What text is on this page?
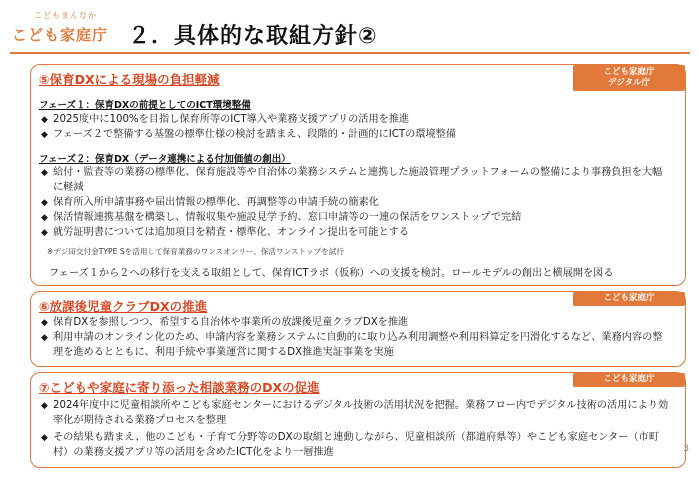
こどもまんなか
こども家庭庁 ２．具体的な取組方針②
⑤保育DXによる現場の負担軽減	こども家庭庁
デジタル庁
フェーズ１：保育DXの前提としてのICT環境整備
◆ 2025度中に100%を目指し保育所等のICT導入や業務支援アプリの活用を推進
◆ フェーズ２で整備する基盤の標準仕様の検討を踏まえ、段階的・計画的にICTの環境整備
フェーズ２：保育DX（データ連携による付加価値の創出）
◆ 給付・監査等の業務の標準化、保育施設等や自治体の業務システムと連携した施設管理プラットフォームの整備により事務負担を大幅に軽減
◆ 保育所入所申請事務や届出情報の標準化、再調整等の申請手続の簡素化
◆ 保活情報連携基盤を構築し、情報収集や施設見学予約、窓口申請等の一連の保活をワンストップで完結
◆ 就労証明書については追加項目を精査・標準化、オンライン提出を可能とする
※デジ田交付金TYPE Sを活用して保育業務のワンスオンリー、保活ワンストップを試行
フェーズ１から２への移行を支える取組として、保育ICTラボ（仮称）への支援を検討。ロールモデルの創出と横展開を図る
⑥放課後児童クラブDXの推進
こども家庭庁
◆ 保育DXを参照しつつ、希望する自治体や事業所の放課後児童クラブDXを推進
◆ 利用申請のオンライン化のため、申請内容を業務システムに自動的に取り込み利用調整や利用料算定を円滑化するなど、業務内容の整理を進めるとともに、利用手続や事業運営に関するDX推進実証事業を実施
⑦こどもや家庭に寄り添った相談業務のDXの促進
こども家庭庁
◆ 2024年度中に児童相談所やこども家庭センターにおけるデジタル技術の活用状況を把握。業務フロー内でデジタル技術の活用により効率化が期待される業務プロセスを整理
◆ その結果も踏まえ、他のこども・子育て分野等のDXの取組と連動しながら、児童相談所（都道府県等）やこども家庭センター（市町村）の業務支援アプリ等の活用を含めたICT化をより一層推進	3
